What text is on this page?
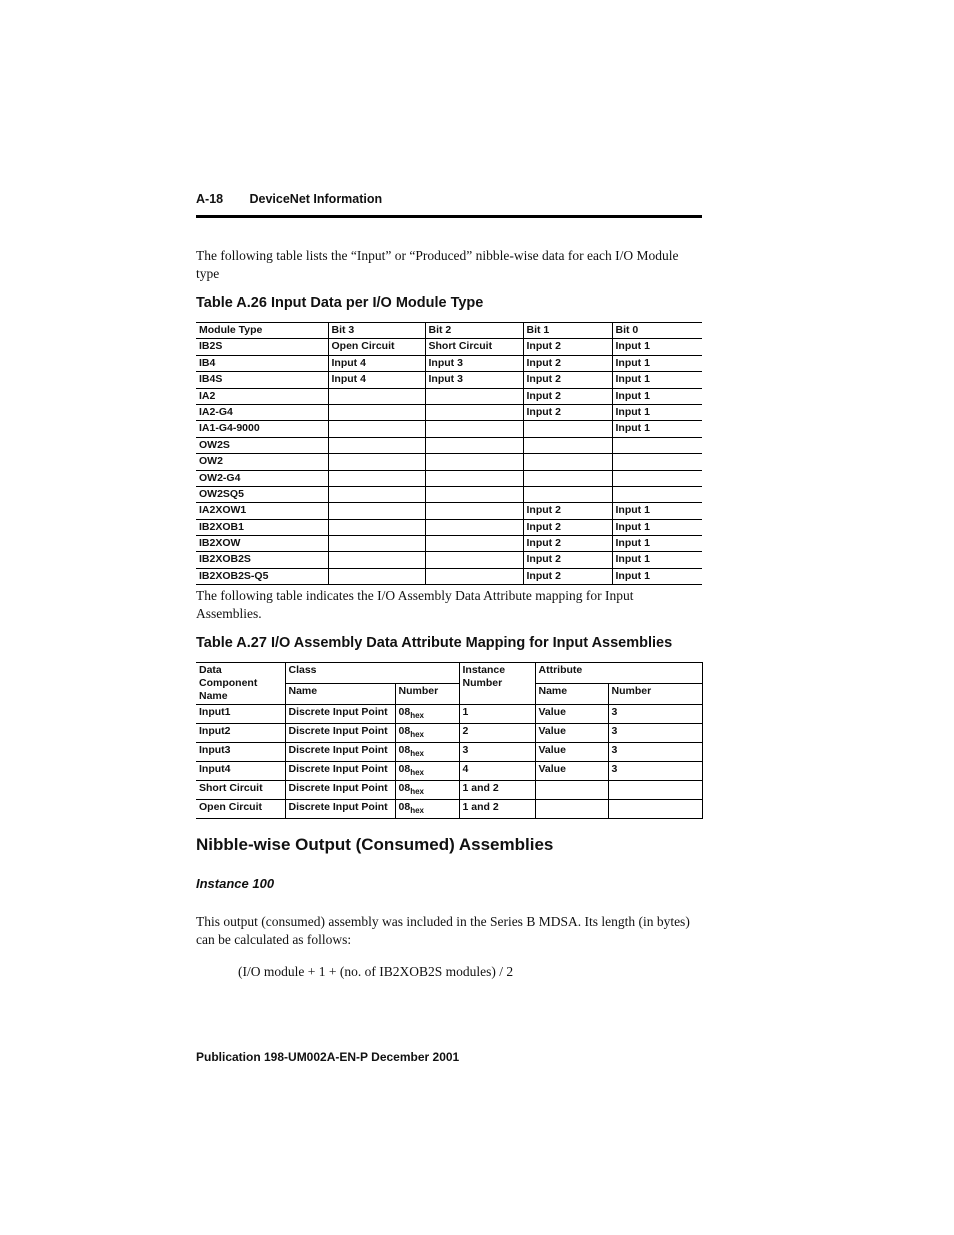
A-18 DeviceNet Information
The following table lists the “Input” or “Produced” nibble-wise data for each I/O Module type
Table A.26 Input Data per I/O Module Type
Module Type	Bit 3	Bit 2	Bit 1	Bit 0
IB2S	Open Circuit	Short Circuit	Input 2	Input 1
IB4	Input 4	Input 3	Input 2	Input 1
IB4S	Input 4	Input 3	Input 2	Input 1
IA2			Input 2	Input 1
IA2-G4			Input 2	Input 1
IA1-G4-9000				Input 1
OW2S				
OW2				
OW2-G4				
OW2SQ5				
IA2XOW1			Input 2	Input 1
IB2XOB1			Input 2	Input 1
IB2XOW			Input 2	Input 1
IB2XOB2S			Input 2	Input 1
IB2XOB2S-Q5			Input 2	Input 1
The following table indicates the I/O Assembly Data Attribute mapping for Input Assemblies.
Table A.27 I/O Assembly Data Attribute Mapping for Input Assemblies
Data Component Name	Class		Instance Number	Attribute	
	Name	Number		Name	Number
Input1	Discrete Input Point	$08_{hex}$	1	Value	3
Input2	Discrete Input Point	$08_{hex}$	2	Value	3
Input3	Discrete Input Point	$08_{hex}$	3	Value	3
Input4	Discrete Input Point	$08_{hex}$	4	Value	3
Short Circuit	Discrete Input Point	$08_{hex}$	1 and 2		
Open Circuit	Discrete Input Point	$08_{hex}$	1 and 2		
Nibble-wise Output (Consumed) Assemblies
Instance 100
This output (consumed) assembly was included in the Series B MDSA. Its length (in bytes) can be calculated as follows:
(I/O module + 1 + (no. of IB2XOB2S modules) / 2
Publication 198-UM002A-EN-P December 2001
